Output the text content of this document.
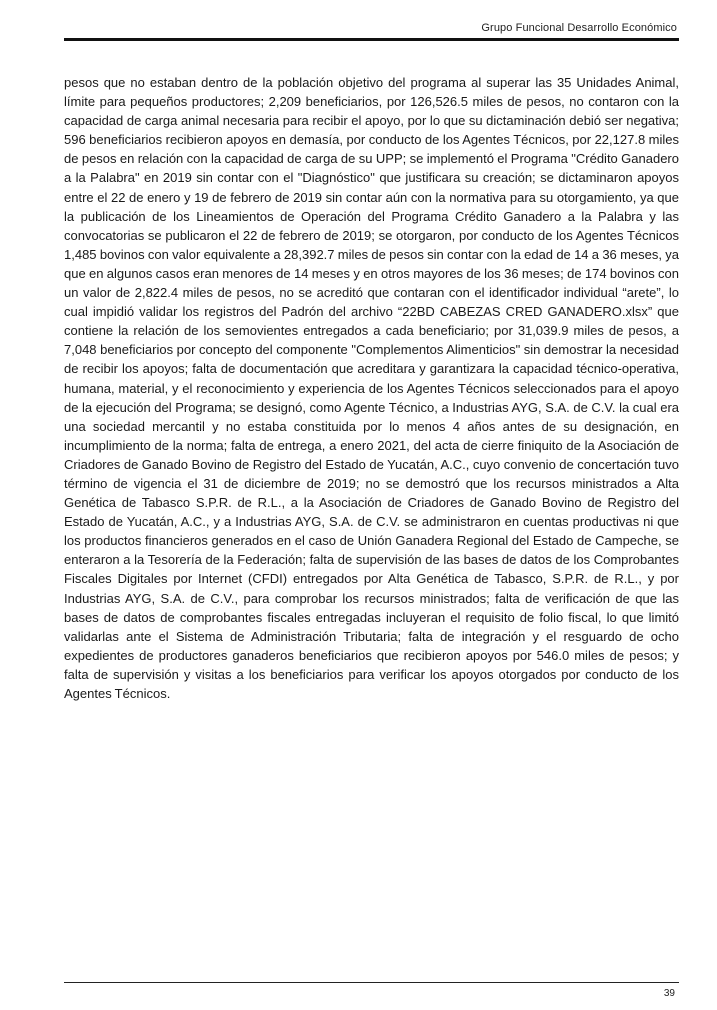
Grupo Funcional Desarrollo Económico

pesos que no estaban dentro de la población objetivo del programa al superar las 35 Unidades Animal, límite para pequeños productores; 2,209 beneficiarios, por 126,526.5 miles de pesos, no contaron con la capacidad de carga animal necesaria para recibir el apoyo, por lo que su dictaminación debió ser negativa; 596 beneficiarios recibieron apoyos en demasía, por conducto de los Agentes Técnicos, por 22,127.8 miles de pesos en relación con la capacidad de carga de su UPP; se implementó el Programa "Crédito Ganadero a la Palabra" en 2019 sin contar con el "Diagnóstico" que justificara su creación; se dictaminaron apoyos entre el 22 de enero y 19 de febrero de 2019 sin contar aún con la normativa para su otorgamiento, ya que la publicación de los Lineamientos de Operación del Programa Crédito Ganadero a la Palabra y las convocatorias se publicaron el 22 de febrero de 2019; se otorgaron, por conducto de los Agentes Técnicos 1,485 bovinos con valor equivalente a 28,392.7 miles de pesos sin contar con la edad de 14 a 36 meses, ya que en algunos casos eran menores de 14 meses y en otros mayores de los 36 meses; de 174 bovinos con un valor de 2,822.4 miles de pesos, no se acreditó que contaran con el identificador individual “arete”, lo cual impidió validar los registros del Padrón del archivo “22BD CABEZAS CRED GANADERO.xlsx” que contiene la relación de los semovientes entregados a cada beneficiario; por 31,039.9 miles de pesos, a 7,048 beneficiarios por concepto del componente "Complementos Alimenticios" sin demostrar la necesidad de recibir los apoyos; falta de documentación que acreditara y garantizara la capacidad técnico-operativa, humana, material, y el reconocimiento y experiencia de los Agentes Técnicos seleccionados para el apoyo de la ejecución del Programa; se designó, como Agente Técnico, a Industrias AYG, S.A. de C.V. la cual era una sociedad mercantil y no estaba constituida por lo menos 4 años antes de su designación, en incumplimiento de la norma; falta de entrega, a enero 2021, del acta de cierre finiquito de la Asociación de Criadores de Ganado Bovino de Registro del Estado de Yucatán, A.C., cuyo convenio de concertación tuvo término de vigencia el 31 de diciembre de 2019; no se demostró que los recursos ministrados a Alta Genética de Tabasco S.P.R. de R.L., a la Asociación de Criadores de Ganado Bovino de Registro del Estado de Yucatán, A.C., y a Industrias AYG, S.A. de C.V. se administraron en cuentas productivas ni que los productos financieros generados en el caso de Unión Ganadera Regional del Estado de Campeche, se enteraron a la Tesorería de la Federación; falta de supervisión de las bases de datos de los Comprobantes Fiscales Digitales por Internet (CFDI) entregados por Alta Genética de Tabasco, S.P.R. de R.L., y por Industrias AYG, S.A. de C.V., para comprobar los recursos ministrados; falta de verificación de que las bases de datos de comprobantes fiscales entregadas incluyeran el requisito de folio fiscal, lo que limitó validarlas ante el Sistema de Administración Tributaria; falta de integración y el resguardo de ocho expedientes de productores ganaderos beneficiarios que recibieron apoyos por 546.0 miles de pesos; y falta de supervisión y visitas a los beneficiarios para verificar los apoyos otorgados por conducto de los Agentes Técnicos.

39
